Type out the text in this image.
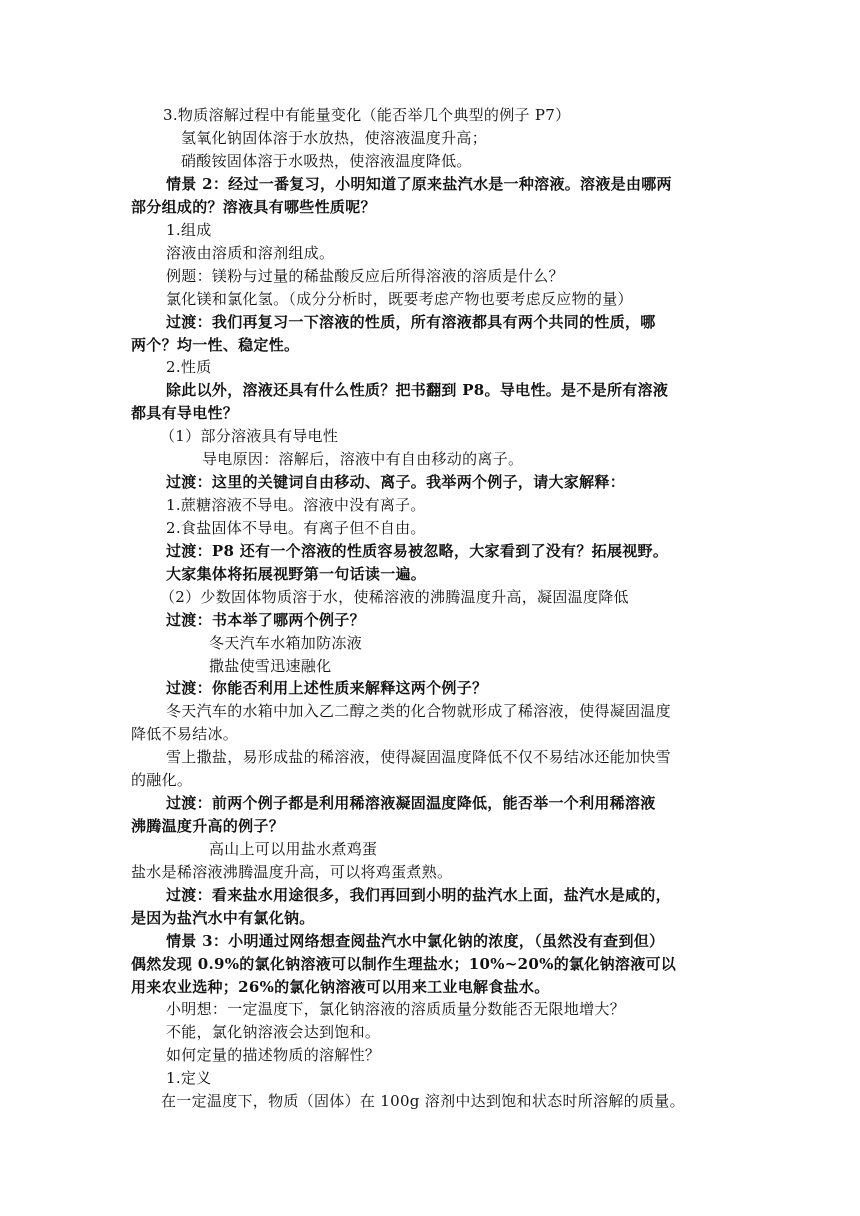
3.物质溶解过程中有能量变化（能否举几个典型的例子 P7）
氢氧化钠固体溶于水放热，使溶液温度升高；
硝酸铵固体溶于水吸热，使溶液温度降低。
情景 2：经过一番复习，小明知道了原来盐汽水是一种溶液。溶液是由哪两
部分组成的？溶液具有哪些性质呢？
1.组成
溶液由溶质和溶剂组成。
例题：镁粉与过量的稀盐酸反应后所得溶液的溶质是什么？
氯化镁和氯化氢。（成分分析时，既要考虑产物也要考虑反应物的量）
过渡：我们再复习一下溶液的性质，所有溶液都具有两个共同的性质，哪
两个？均一性、稳定性。
2.性质
除此以外，溶液还具有什么性质？把书翻到 P8。导电性。是不是所有溶液
都具有导电性？
（1）部分溶液具有导电性
导电原因：溶解后，溶液中有自由移动的离子。
过渡：这里的关键词自由移动、离子。我举两个例子，请大家解释：
1.蔗糖溶液不导电。溶液中没有离子。
2.食盐固体不导电。有离子但不自由。
过渡：P8 还有一个溶液的性质容易被忽略，大家看到了没有？拓展视野。
大家集体将拓展视野第一句话读一遍。
（2）少数固体物质溶于水，使稀溶液的沸腾温度升高，凝固温度降低
过渡：书本举了哪两个例子？
冬天汽车水箱加防冻液
撒盐使雪迅速融化
过渡：你能否利用上述性质来解释这两个例子？
冬天汽车的水箱中加入乙二醇之类的化合物就形成了稀溶液，使得凝固温度
降低不易结冰。
雪上撒盐，易形成盐的稀溶液，使得凝固温度降低不仅不易结冰还能加快雪
的融化。
过渡：前两个例子都是利用稀溶液凝固温度降低，能否举一个利用稀溶液
沸腾温度升高的例子？
高山上可以用盐水煮鸡蛋
盐水是稀溶液沸腾温度升高，可以将鸡蛋煮熟。
过渡：看来盐水用途很多，我们再回到小明的盐汽水上面，盐汽水是咸的，
是因为盐汽水中有氯化钠。
情景 3：小明通过网络想查阅盐汽水中氯化钠的浓度，（虽然没有查到但）
偶然发现 0.9%的氯化钠溶液可以制作生理盐水；10%~20%的氯化钠溶液可以
用来农业选种；26%的氯化钠溶液可以用来工业电解食盐水。
小明想：一定温度下，氯化钠溶液的溶质质量分数能否无限地增大？
不能，氯化钠溶液会达到饱和。
如何定量的描述物质的溶解性？
1.定义
在一定温度下，物质（固体）在 100g 溶剂中达到饱和状态时所溶解的质量。
